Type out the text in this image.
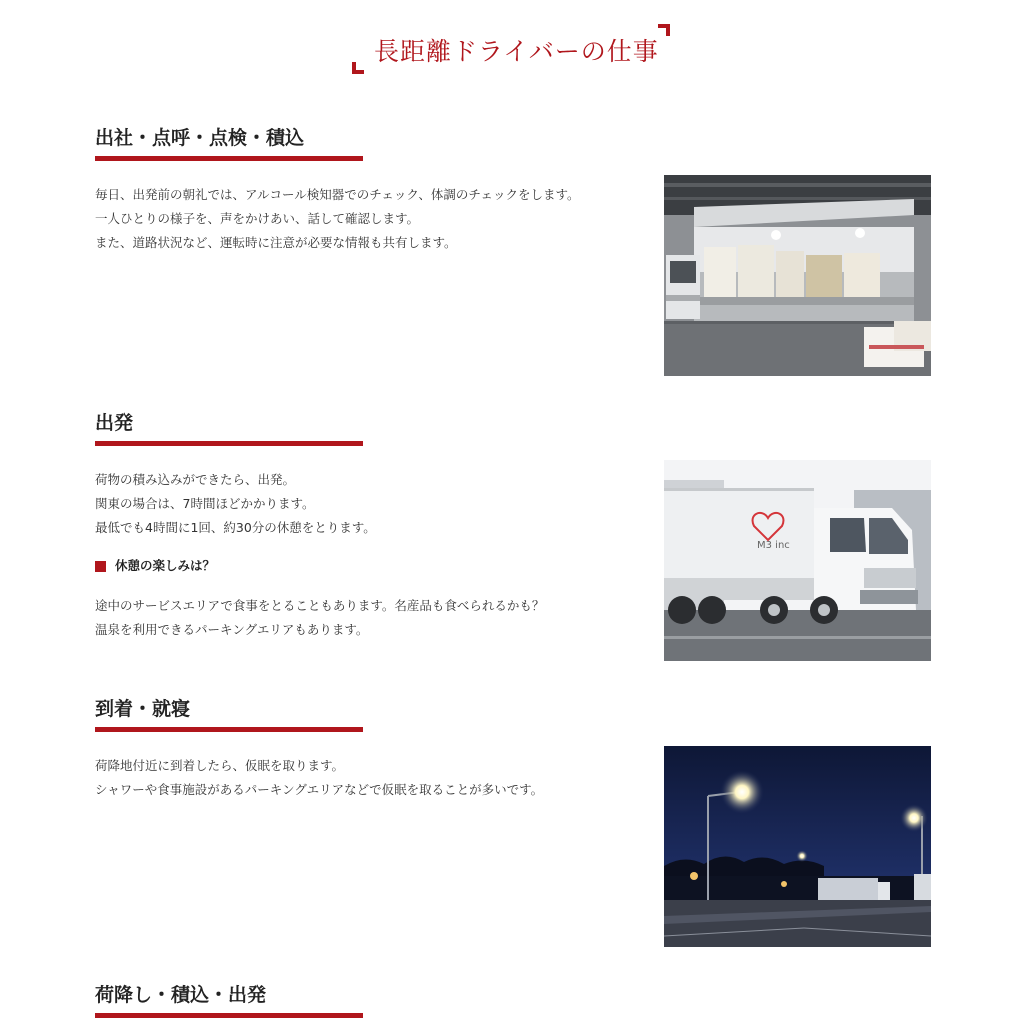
長距離ドライバーの仕事
出社・点呼・点検・積込

毎日、出発前の朝礼では、アルコール検知器でのチェック、体調のチェックをします。

一人ひとりの様子を、声をかけあい、話して確認します。

また、道路状況など、運転時に注意が必要な情報も共有します。

出発

荷物の積み込みができたら、出発。

関東の場合は、7時間ほどかかります。

最低でも4時間に1回、約30分の休憩をとります。

休憩の楽しみは？

途中のサービスエリアで食事をとることもあります。名産品も食べられるかも？

温泉を利用できるパーキングエリアもあります。

M3 inc
到着・就寝

荷降地付近に到着したら、仮眠を取ります。

シャワーや食事施設があるパーキングエリアなどで仮眠を取ることが多いです。

荷降し・積込・出発
